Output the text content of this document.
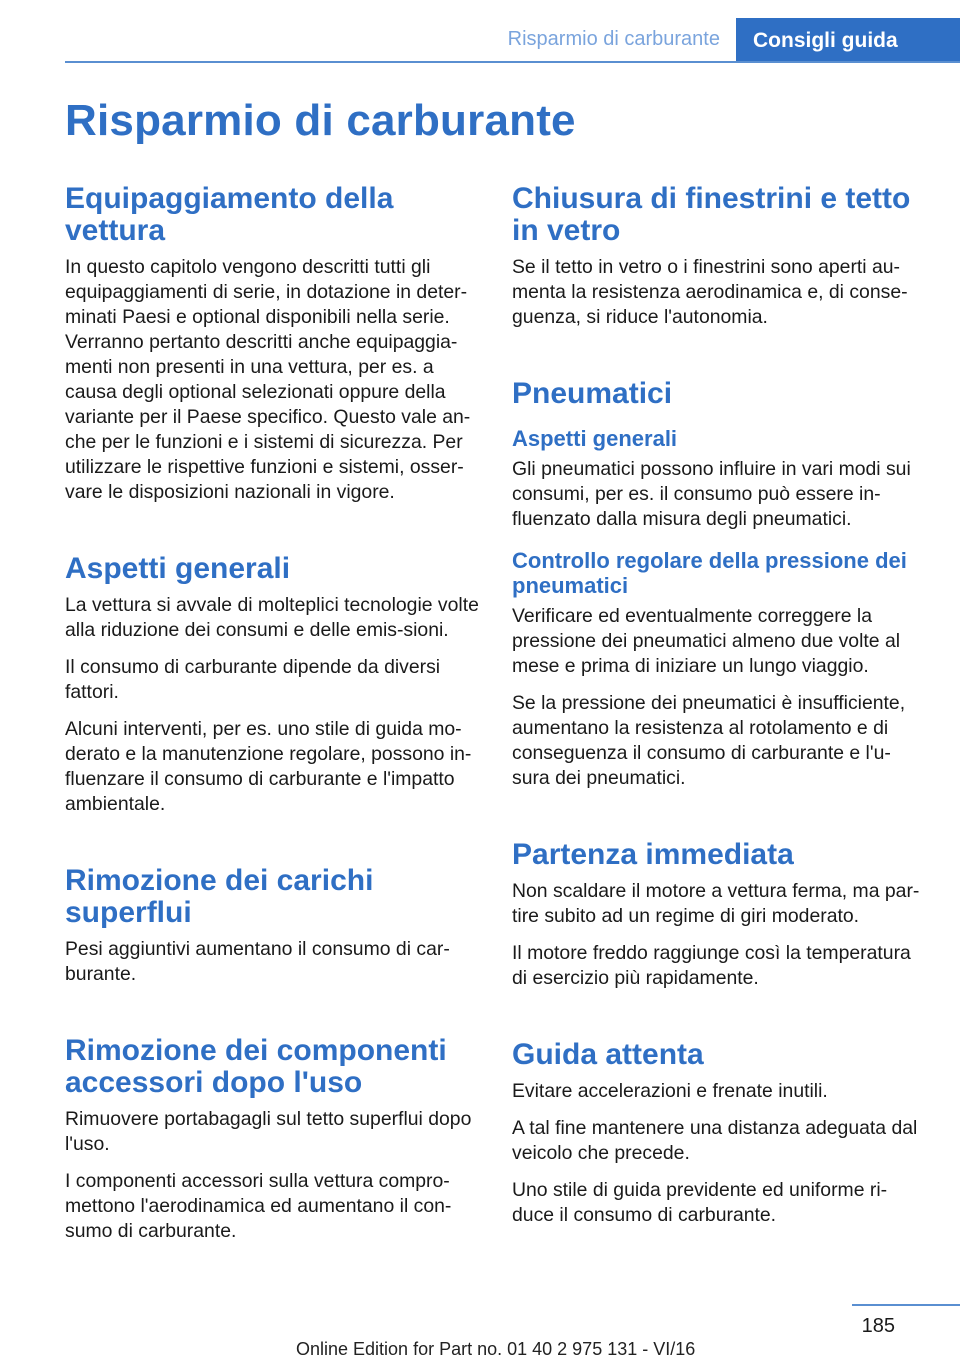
Risparmio di carburante	Consigli guida
Risparmio di carburante
Equipaggiamento della vettura

In questo capitolo vengono descritti tutti gli equipaggiamenti di serie, in dotazione in deter-minati Paesi e optional disponibili nella serie. Verranno pertanto descritti anche equipaggia-menti non presenti in una vettura, per es. a causa degli optional selezionati oppure della variante per il Paese specifico. Questo vale an-che per le funzioni e i sistemi di sicurezza. Per utilizzare le rispettive funzioni e sistemi, osser-vare le disposizioni nazionali in vigore.

Aspetti generali

La vettura si avvale di molteplici tecnologie volte alla riduzione dei consumi e delle emis-sioni.

Il consumo di carburante dipende da diversi fattori.

Alcuni interventi, per es. uno stile di guida mo-derato e la manutenzione regolare, possono in-fluenzare il consumo di carburante e l'impatto ambientale.

Rimozione dei carichi superflui

Pesi aggiuntivi aumentano il consumo di car-burante.

Rimozione dei componenti accessori dopo l'uso

Rimuovere portabagagli sul tetto superflui dopo l'uso.

I componenti accessori sulla vettura compro-mettono l'aerodinamica ed aumentano il con-sumo di carburante.

Chiusura di finestrini e tetto in vetro

Se il tetto in vetro o i finestrini sono aperti au-menta la resistenza aerodinamica e, di conse-guenza, si riduce l'autonomia.

Pneumatici
Aspetti generali

Gli pneumatici possono influire in vari modi sui consumi, per es. il consumo può essere in-fluenzato dalla misura degli pneumatici.

Controllo regolare della pressione dei pneumatici

Verificare ed eventualmente correggere la pressione dei pneumatici almeno due volte al mese e prima di iniziare un lungo viaggio.

Se la pressione dei pneumatici è insufficiente, aumentano la resistenza al rotolamento e di conseguenza il consumo di carburante e l'u-sura dei pneumatici.

Partenza immediata

Non scaldare il motore a vettura ferma, ma par-tire subito ad un regime di giri moderato.

Il motore freddo raggiunge così la temperatura di esercizio più rapidamente.

Guida attenta

Evitare accelerazioni e frenate inutili.

A tal fine mantenere una distanza adeguata dal veicolo che precede.

Uno stile di guida previdente ed uniforme ri-duce il consumo di carburante.

185
Online Edition for Part no. 01 40 2 975 131 - VI/16
